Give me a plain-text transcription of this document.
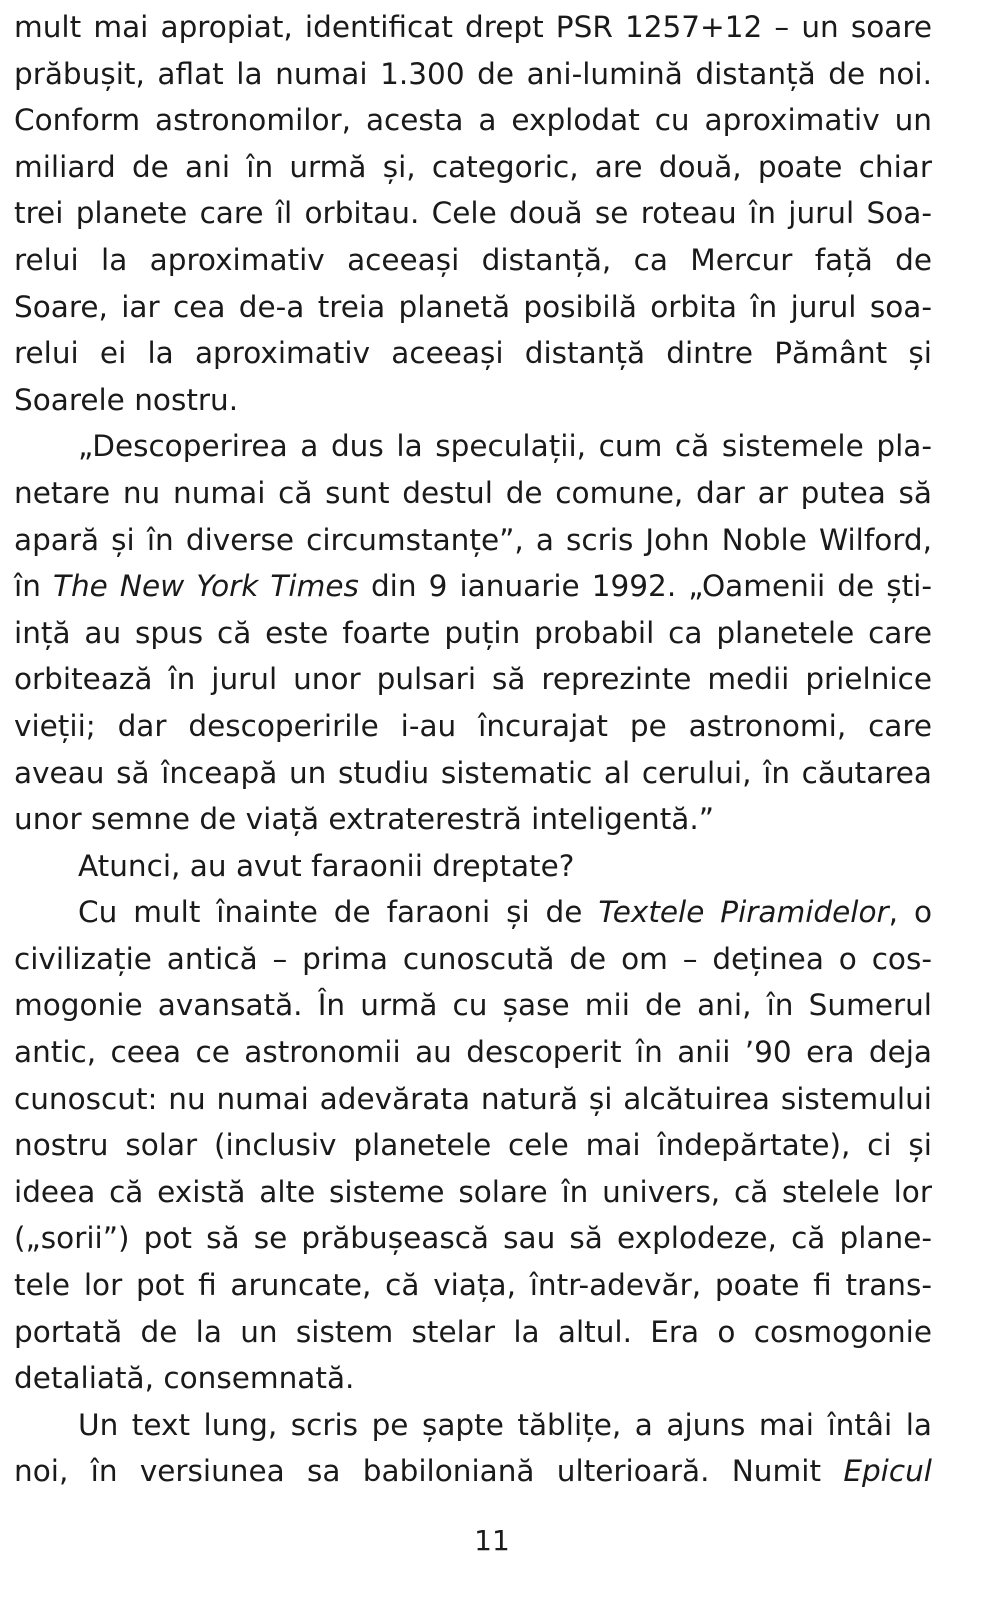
mult mai apropiat, identificat drept PSR 1257+12 – un soare
prăbușit, aflat la numai 1.300 de ani-lumină distanță de noi.
Conform astronomilor, acesta a explodat cu aproximativ un
miliard de ani în urmă și, categoric, are două, poate chiar
trei planete care îl orbitau. Cele două se roteau în jurul Soa-
relui la aproximativ aceeași distanță, ca Mercur față de
Soare, iar cea de-a treia planetă posibilă orbita în jurul soa-
relui ei la aproximativ aceeași distanță dintre Pământ și
Soarele nostru.
„Descoperirea a dus la speculații, cum că sistemele pla-
netare nu numai că sunt destul de comune, dar ar putea să
apară și în diverse circumstanțe”, a scris John Noble Wilford,
în The New York Times din 9 ianuarie 1992. „Oamenii de ști-
ință au spus că este foarte puțin probabil ca planetele care
orbitează în jurul unor pulsari să reprezinte medii prielnice
vieții; dar descoperirile i-au încurajat pe astronomi, care
aveau să înceapă un studiu sistematic al cerului, în căutarea
unor semne de viață extraterestră inteligentă.”
Atunci, au avut faraonii dreptate?
Cu mult înainte de faraoni și de Textele Piramidelor, o
civilizație antică – prima cunoscută de om – deținea o cos-
mogonie avansată. În urmă cu șase mii de ani, în Sumerul
antic, ceea ce astronomii au descoperit în anii ’90 era deja
cunoscut: nu numai adevărata natură și alcătuirea sistemului
nostru solar (inclusiv planetele cele mai îndepărtate), ci și
ideea că există alte sisteme solare în univers, că stelele lor
(„sorii”) pot să se prăbușească sau să explodeze, că plane-
tele lor pot fi aruncate, că viața, într-adevăr, poate fi trans-
portată de la un sistem stelar la altul. Era o cosmogonie
detaliată, consemnată.
Un text lung, scris pe șapte tăblițe, a ajuns mai întâi la
noi, în versiunea sa babiloniană ulterioară. Numit Epicul
11
